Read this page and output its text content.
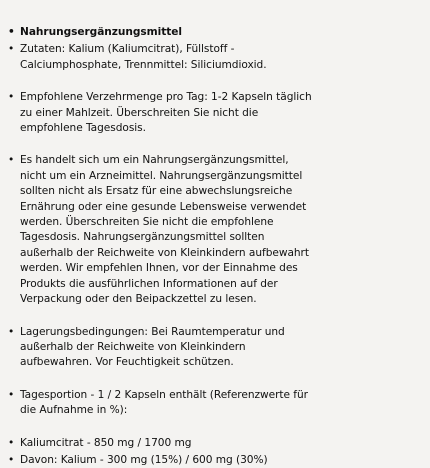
• Nahrungsergänzungsmittel
• Zutaten: Kalium (Kaliumcitrat), Füllstoff -
Calciumphosphate, Trennmittel: Siliciumdioxid.
• Empfohlene Verzehrmenge pro Tag: 1-2 Kapseln täglich
zu einer Mahlzeit. Überschreiten Sie nicht die
empfohlene Tagesdosis.
• Es handelt sich um ein Nahrungsergänzungsmittel,
nicht um ein Arzneimittel. Nahrungsergänzungsmittel
sollten nicht als Ersatz für eine abwechslungsreiche
Ernährung oder eine gesunde Lebensweise verwendet
werden. Überschreiten Sie nicht die empfohlene
Tagesdosis. Nahrungsergänzungsmittel sollten
außerhalb der Reichweite von Kleinkindern aufbewahrt
werden. Wir empfehlen Ihnen, vor der Einnahme des
Produkts die ausführlichen Informationen auf der
Verpackung oder den Beipackzettel zu lesen.
• Lagerungsbedingungen: Bei Raumtemperatur und
außerhalb der Reichweite von Kleinkindern
aufbewahren. Vor Feuchtigkeit schützen.
• Tagesportion - 1 / 2 Kapseln enthält (Referenzwerte für
die Aufnahme in %):
• Kaliumcitrat - 850 mg / 1700 mg
• Davon: Kalium - 300 mg (15%) / 600 mg (30%)
